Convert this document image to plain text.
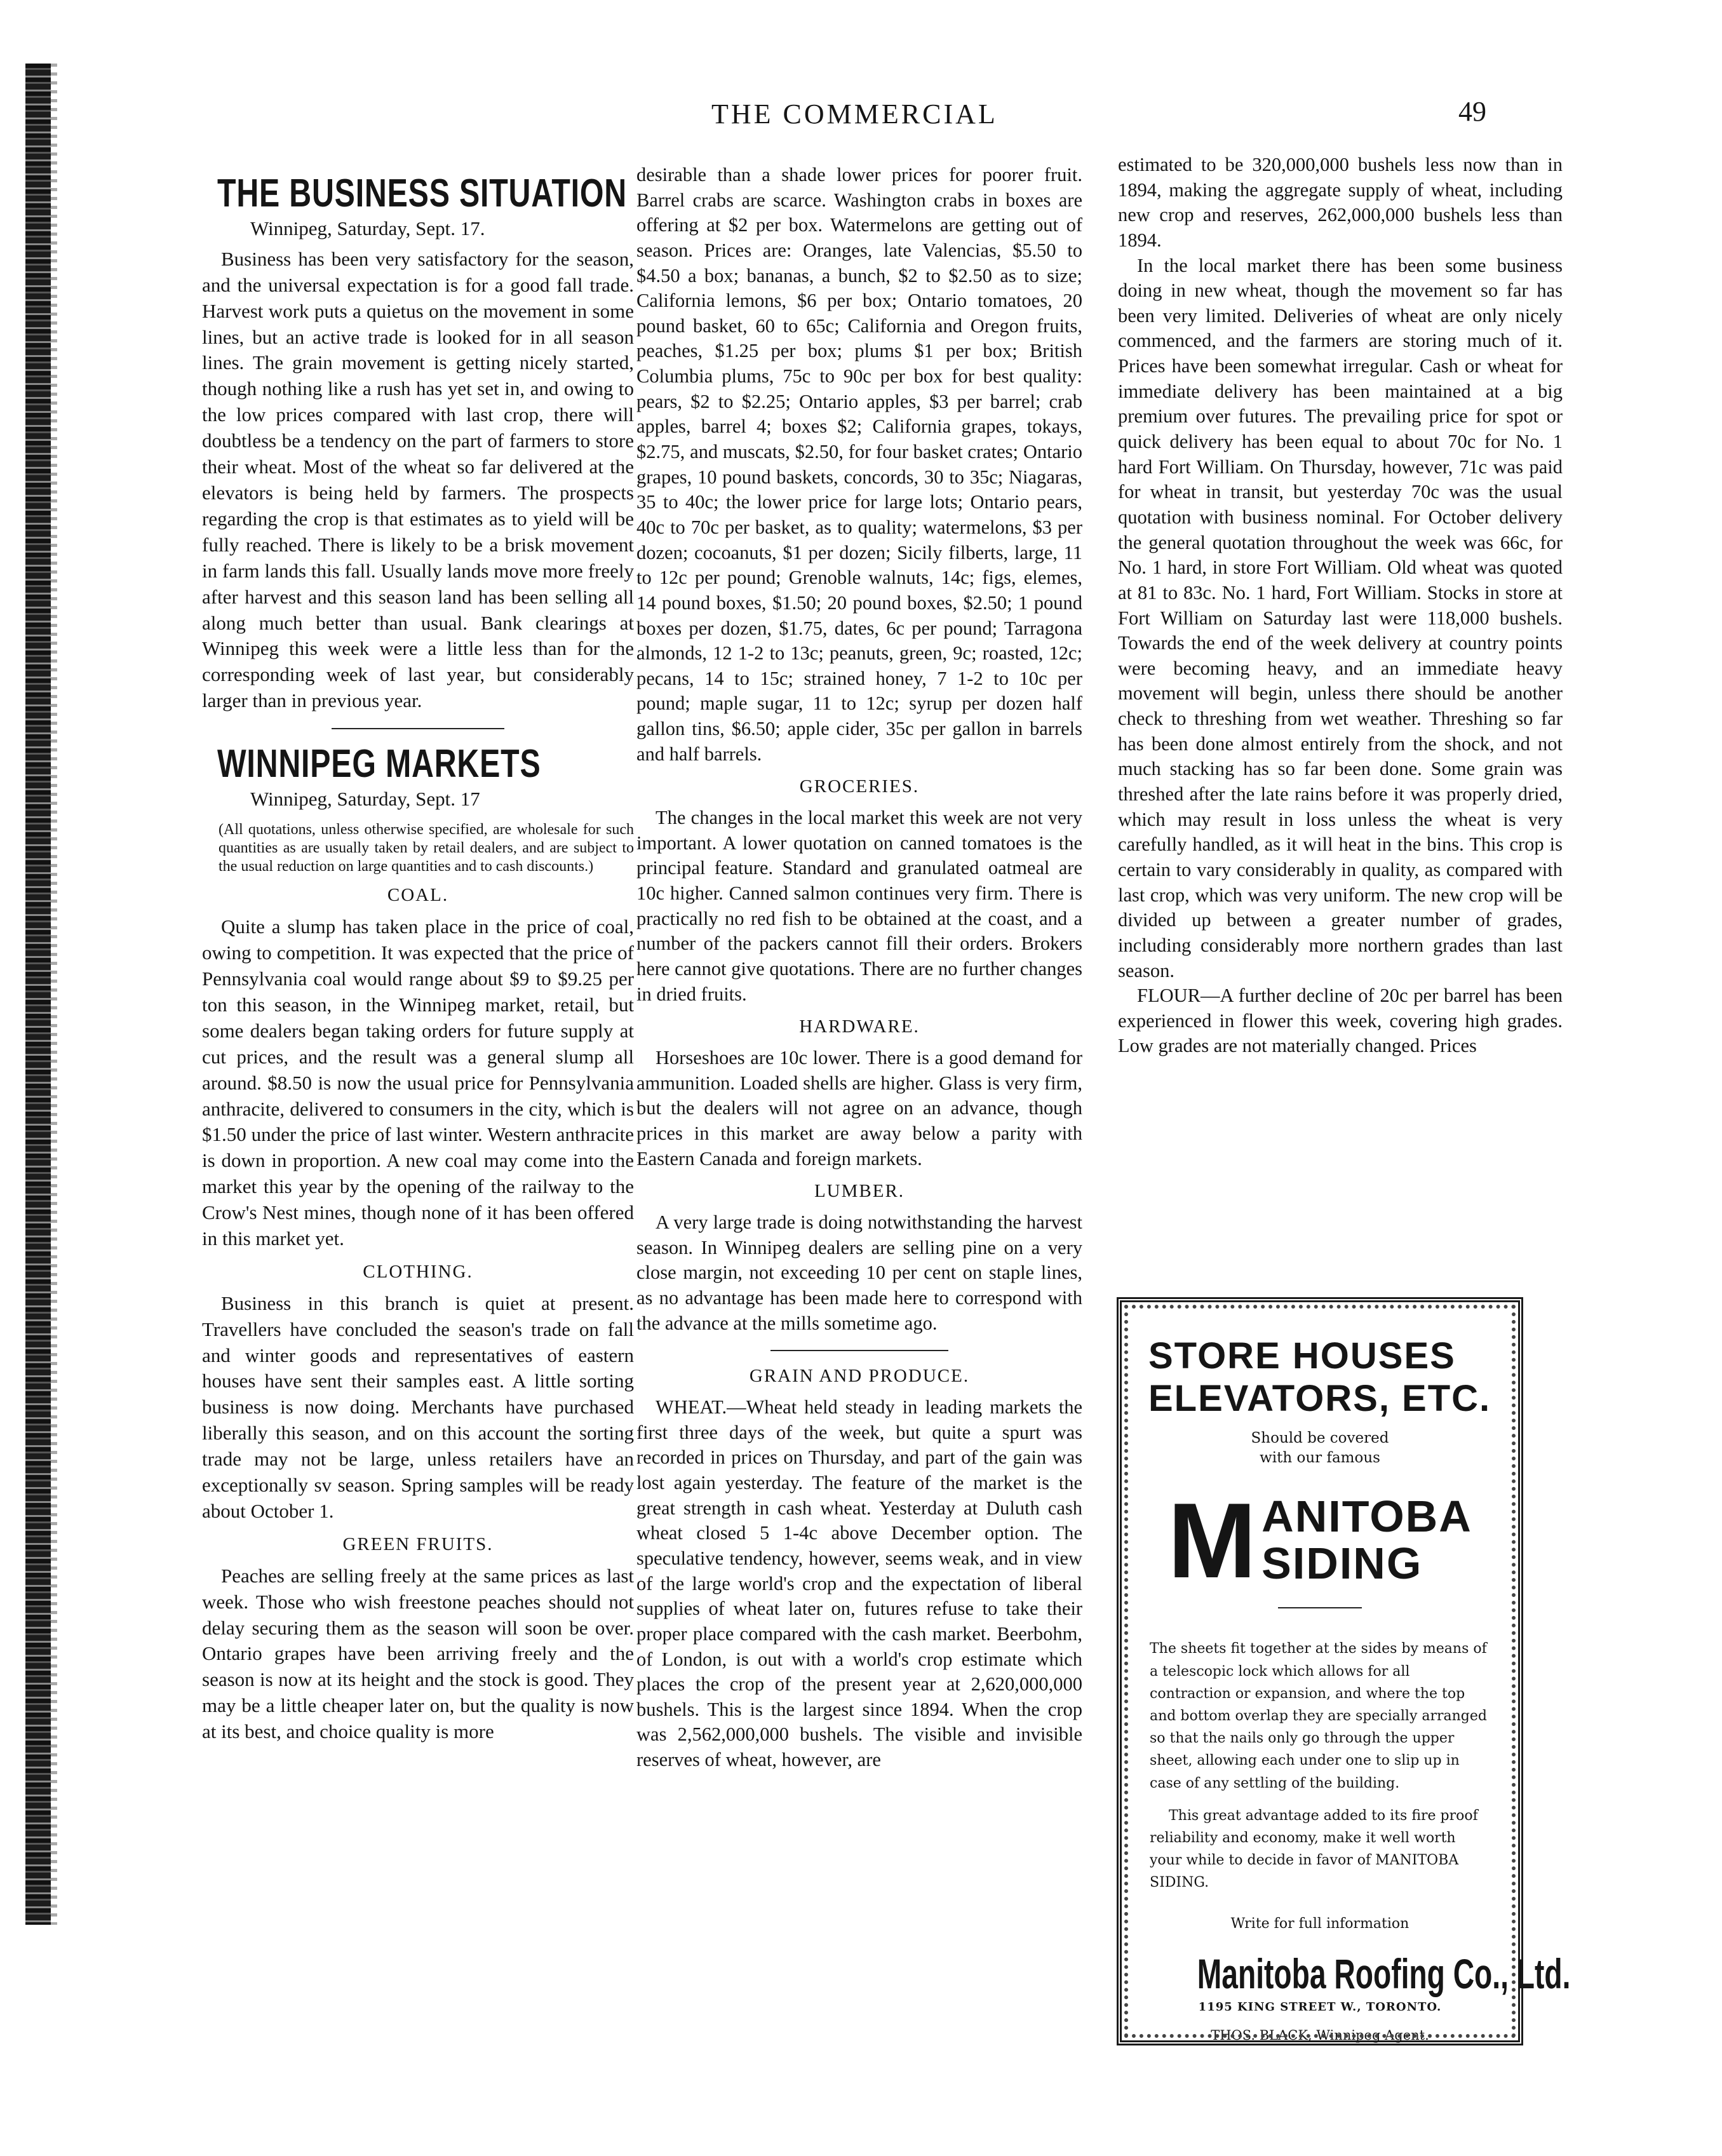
THE COMMERCIAL	49
THE BUSINESS SITUATION
Winnipeg, Saturday, Sept. 17.

Business has been very satisfactory for the season, and the universal expectation is for a good fall trade. Harvest work puts a quietus on the movement in some lines, but an active trade is looked for in all season lines. The grain movement is getting nicely started, though nothing like a rush has yet set in, and owing to the low prices compared with last crop, there will doubtless be a tendency on the part of farmers to store their wheat. Most of the wheat so far delivered at the elevators is being held by farmers. The prospects regarding the crop is that estimates as to yield will be fully reached. There is likely to be a brisk movement in farm lands this fall. Usually lands move more freely after harvest and this season land has been selling all along much better than usual. Bank clearings at Winnipeg this week were a little less than for the corresponding week of last year, but considerably larger than in previous year.

WINNIPEG MARKETS
Winnipeg, Saturday, Sept. 17

(All quotations, unless otherwise specified, are wholesale for such quantities as are usually taken by retail dealers, and are subject to the usual reduction on large quantities and to cash discounts.)

COAL.

Quite a slump has taken place in the price of coal, owing to competition. It was expected that the price of Pennsylvania coal would range about $9 to $9.25 per ton this season, in the Winnipeg market, retail, but some dealers began taking orders for future supply at cut prices, and the result was a general slump all around. $8.50 is now the usual price for Pennsylvania anthracite, delivered to consumers in the city, which is $1.50 under the price of last winter. Western anthracite is down in proportion. A new coal may come into the market this year by the opening of the railway to the Crow's Nest mines, though none of it has been offered in this market yet.

CLOTHING.

Business in this branch is quiet at present. Travellers have concluded the season's trade on fall and winter goods and representatives of eastern houses have sent their samples east. A little sorting business is now doing. Merchants have purchased liberally this season, and on this account the sorting trade may not be large, unless retailers have an exceptionally sv season. Spring samples will be ready about October 1.

GREEN FRUITS.

Peaches are selling freely at the same prices as last week. Those who wish freestone peaches should not delay securing them as the season will soon be over. Ontario grapes have been arriving freely and the season is now at its height and the stock is good. They may be a little cheaper later on, but the quality is now at its best, and choice quality is more

desirable than a shade lower prices for poorer fruit. Barrel crabs are scarce. Washington crabs in boxes are offering at $2 per box. Watermelons are getting out of season. Prices are: Oranges, late Valencias, $5.50 to $4.50 a box; bananas, a bunch, $2 to $2.50 as to size; California lemons, $6 per box; Ontario tomatoes, 20 pound basket, 60 to 65c; California and Oregon fruits, peaches, $1.25 per box; plums $1 per box; British Columbia plums, 75c to 90c per box for best quality: pears, $2 to $2.25; Ontario apples, $3 per barrel; crab apples, barrel 4; boxes $2; California grapes, tokays, $2.75, and muscats, $2.50, for four basket crates; Ontario grapes, 10 pound baskets, concords, 30 to 35c; Niagaras, 35 to 40c; the lower price for large lots; Ontario pears, 40c to 70c per basket, as to quality; watermelons, $3 per dozen; cocoanuts, $1 per dozen; Sicily filberts, large, 11 to 12c per pound; Grenoble walnuts, 14c; figs, elemes, 14 pound boxes, $1.50; 20 pound boxes, $2.50; 1 pound boxes per dozen, $1.75, dates, 6c per pound; Tarragona almonds, 12 1-2 to 13c; peanuts, green, 9c; roasted, 12c; pecans, 14 to 15c; strained honey, 7 1-2 to 10c per pound; maple sugar, 11 to 12c; syrup per dozen half gallon tins, $6.50; apple cider, 35c per gallon in barrels and half barrels.

GROCERIES.

The changes in the local market this week are not very important. A lower quotation on canned tomatoes is the principal feature. Standard and granulated oatmeal are 10c higher. Canned salmon continues very firm. There is practically no red fish to be obtained at the coast, and a number of the packers cannot fill their orders. Brokers here cannot give quotations. There are no further changes in dried fruits.

HARDWARE.

Horseshoes are 10c lower. There is a good demand for ammunition. Loaded shells are higher. Glass is very firm, but the dealers will not agree on an advance, though prices in this market are away below a parity with Eastern Canada and foreign markets.

LUMBER.

A very large trade is doing notwithstanding the harvest season. In Winnipeg dealers are selling pine on a very close margin, not exceeding 10 per cent on staple lines, as no advantage has been made here to correspond with the advance at the mills sometime ago.

GRAIN AND PRODUCE.

WHEAT.—Wheat held steady in leading markets the first three days of the week, but quite a spurt was recorded in prices on Thursday, and part of the gain was lost again yesterday. The feature of the market is the great strength in cash wheat. Yesterday at Duluth cash wheat closed 5 1-4c above December option. The speculative tendency, however, seems weak, and in view of the large world's crop and the expectation of liberal supplies of wheat later on, futures refuse to take their proper place compared with the cash market. Beerbohm, of London, is out with a world's crop estimate which places the crop of the present year at 2,620,000,000 bushels. This is the largest since 1894. When the crop was 2,562,000,000 bushels. The visible and invisible reserves of wheat, however, are

estimated to be 320,000,000 bushels less now than in 1894, making the aggregate supply of wheat, including new crop and reserves, 262,000,000 bushels less than 1894.

In the local market there has been some business doing in new wheat, though the movement so far has been very limited. Deliveries of wheat are only nicely commenced, and the farmers are storing much of it. Prices have been somewhat irregular. Cash or wheat for immediate delivery has been maintained at a big premium over futures. The prevailing price for spot or quick delivery has been equal to about 70c for No. 1 hard Fort William. On Thursday, however, 71c was paid for wheat in transit, but yesterday 70c was the usual quotation with business nominal. For October delivery the general quotation throughout the week was 66c, for No. 1 hard, in store Fort William. Old wheat was quoted at 81 to 83c. No. 1 hard, Fort William. Stocks in store at Fort William on Saturday last were 118,000 bushels. Towards the end of the week delivery at country points were becoming heavy, and an immediate heavy movement will begin, unless there should be another check to threshing from wet weather. Threshing so far has been done almost entirely from the shock, and not much stacking has so far been done. Some grain was threshed after the late rains before it was properly dried, which may result in loss unless the wheat is very carefully handled, as it will heat in the bins. This crop is certain to vary considerably in quality, as compared with last crop, which was very uniform. The new crop will be divided up between a greater number of grades, including considerably more northern grades than last season.

FLOUR—A further decline of 20c per barrel has been experienced in flower this week, covering high grades. Low grades are not materially changed. Prices

STORE HOUSES
ELEVATORS, ETC.
Should be covered
with our famous
M ANITOBA
SIDING
The sheets fit together at the sides by means of a telescopic lock which allows for all contraction or expansion, and where the top and bottom overlap they are specially arranged so that the nails only go through the upper sheet, allowing each under one to slip up in case of any settling of the building.
This great advantage added to its fire proof reliability and economy, make it well worth your while to decide in favor of MANITOBA SIDING.
Write for full information
Manitoba Roofing Co., Ltd.
1195 KING STREET W., TORONTO.
THOS. BLACK, Winnipeg Agent.
